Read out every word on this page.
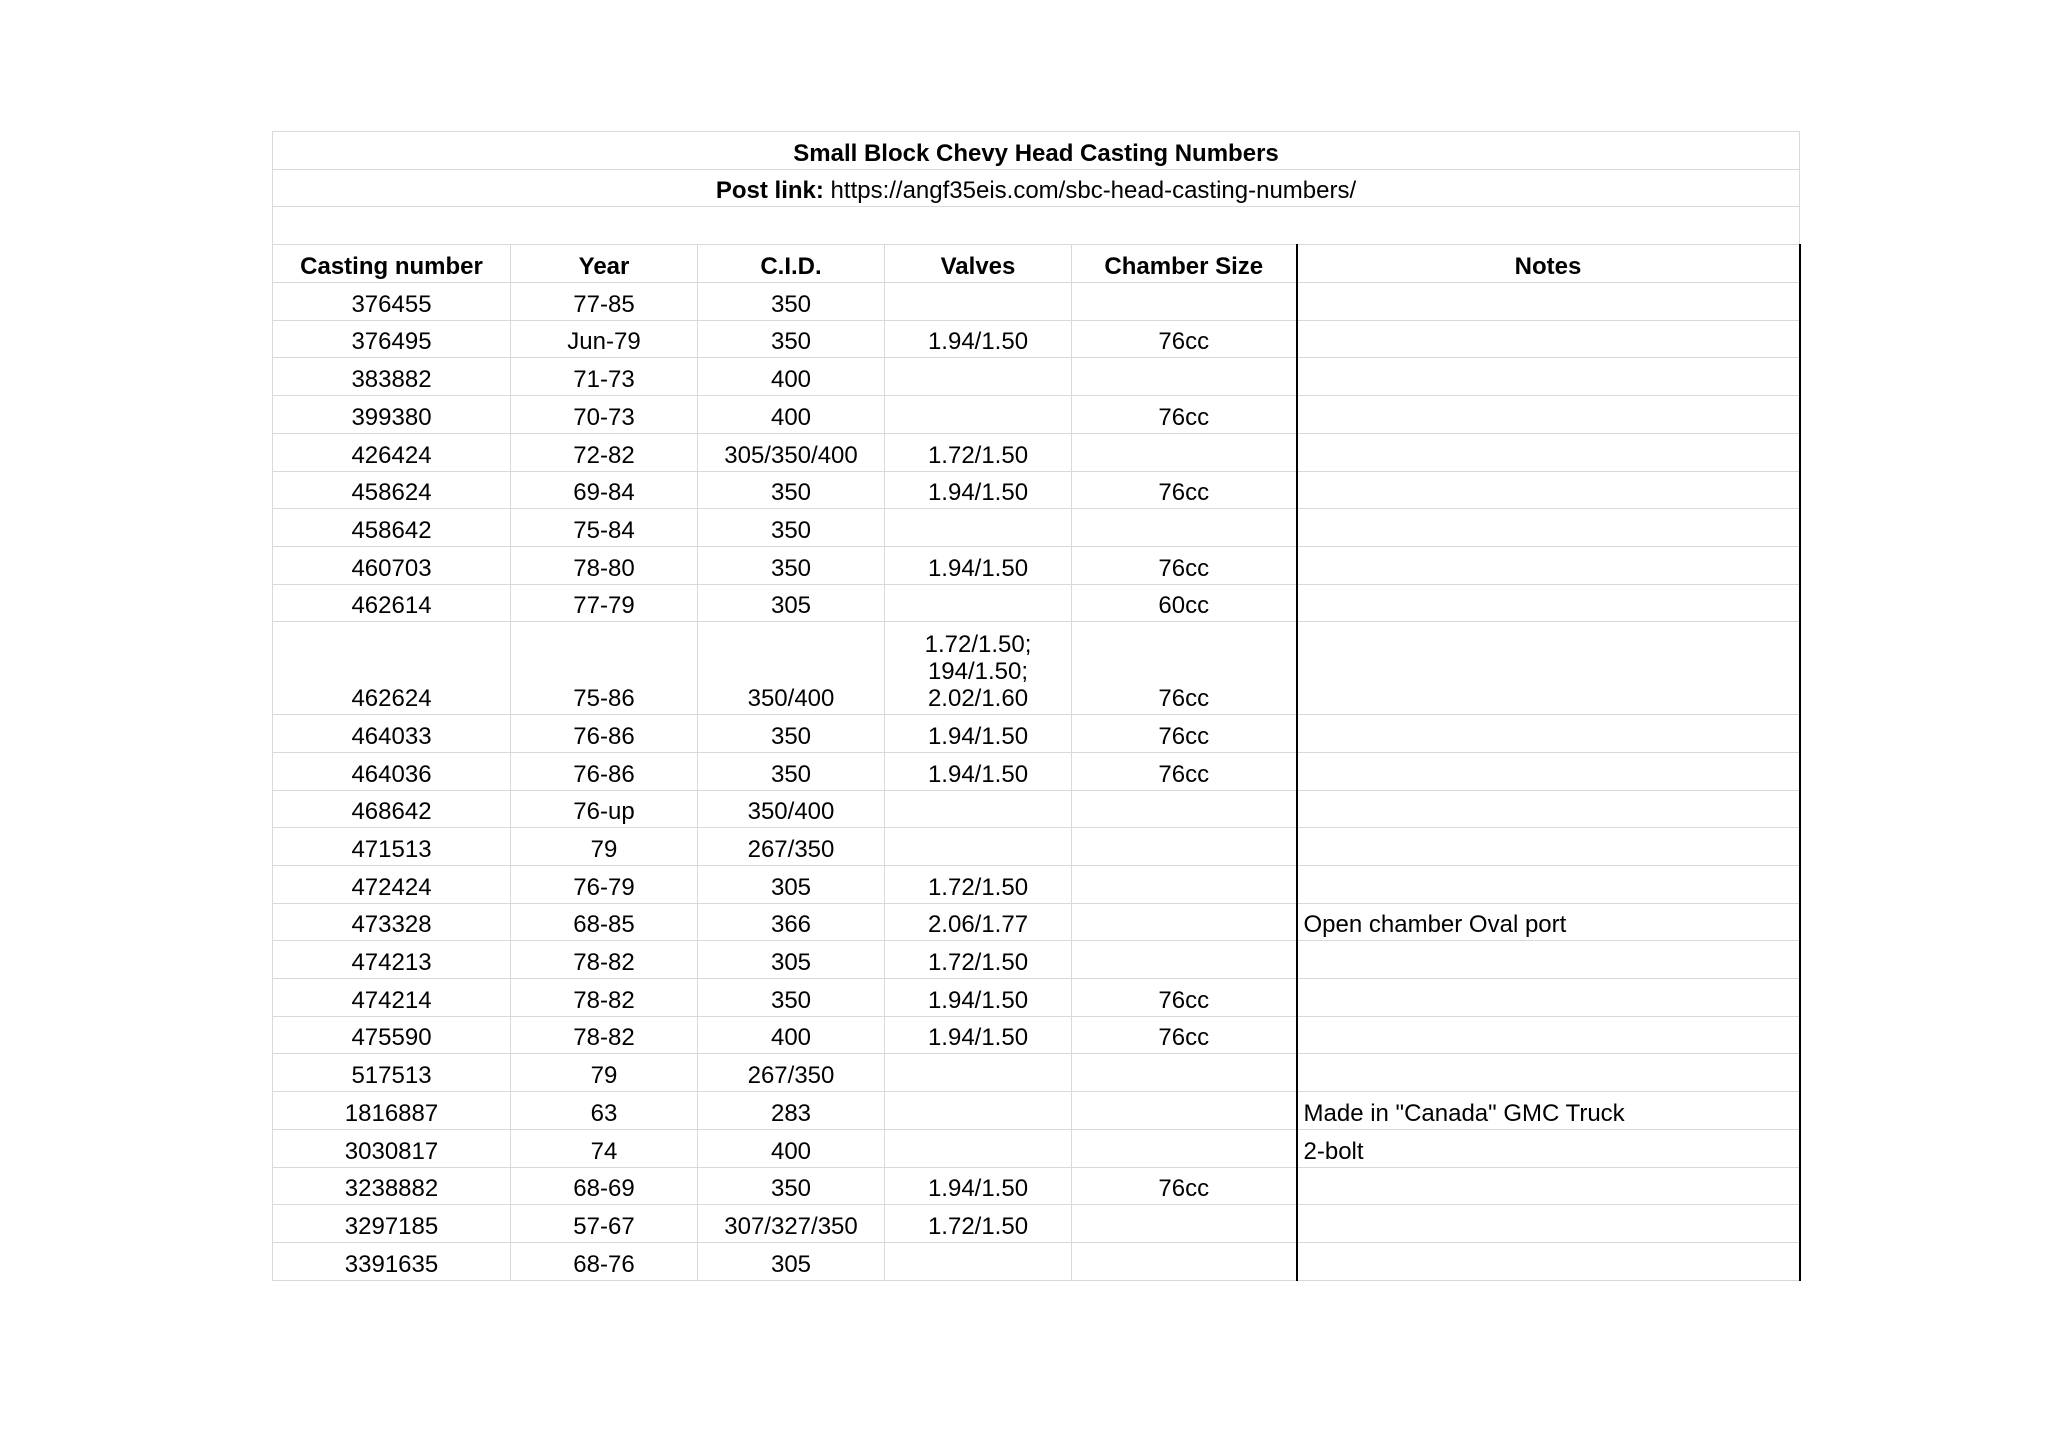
Small Block Chevy Head Casting Numbers					
Post link: https://angf35eis.com/sbc-head-casting-numbers/					

Casting number	Year	C.I.D.	Valves	Chamber Size	Notes
376455	77-85	350			
376495	Jun-79	350	1.94/1.50	76cc	
383882	71-73	400			
399380	70-73	400		76cc	
426424	72-82	305/350/400	1.72/1.50		
458624	69-84	350	1.94/1.50	76cc	
458642	75-84	350			
460703	78-80	350	1.94/1.50	76cc	
462614	77-79	305		60cc	
462624	75-86	350/400	1.72/1.50;
194/1.50;
2.02/1.60	76cc	
464033	76-86	350	1.94/1.50	76cc	
464036	76-86	350	1.94/1.50	76cc	
468642	76-up	350/400			
471513	79	267/350			
472424	76-79	305	1.72/1.50		
473328	68-85	366	2.06/1.77		Open chamber Oval port
474213	78-82	305	1.72/1.50		
474214	78-82	350	1.94/1.50	76cc	
475590	78-82	400	1.94/1.50	76cc	
517513	79	267/350			
1816887	63	283			Made in "Canada" GMC Truck
3030817	74	400			2-bolt
3238882	68-69	350	1.94/1.50	76cc	
3297185	57-67	307/327/350	1.72/1.50		
3391635	68-76	305			
